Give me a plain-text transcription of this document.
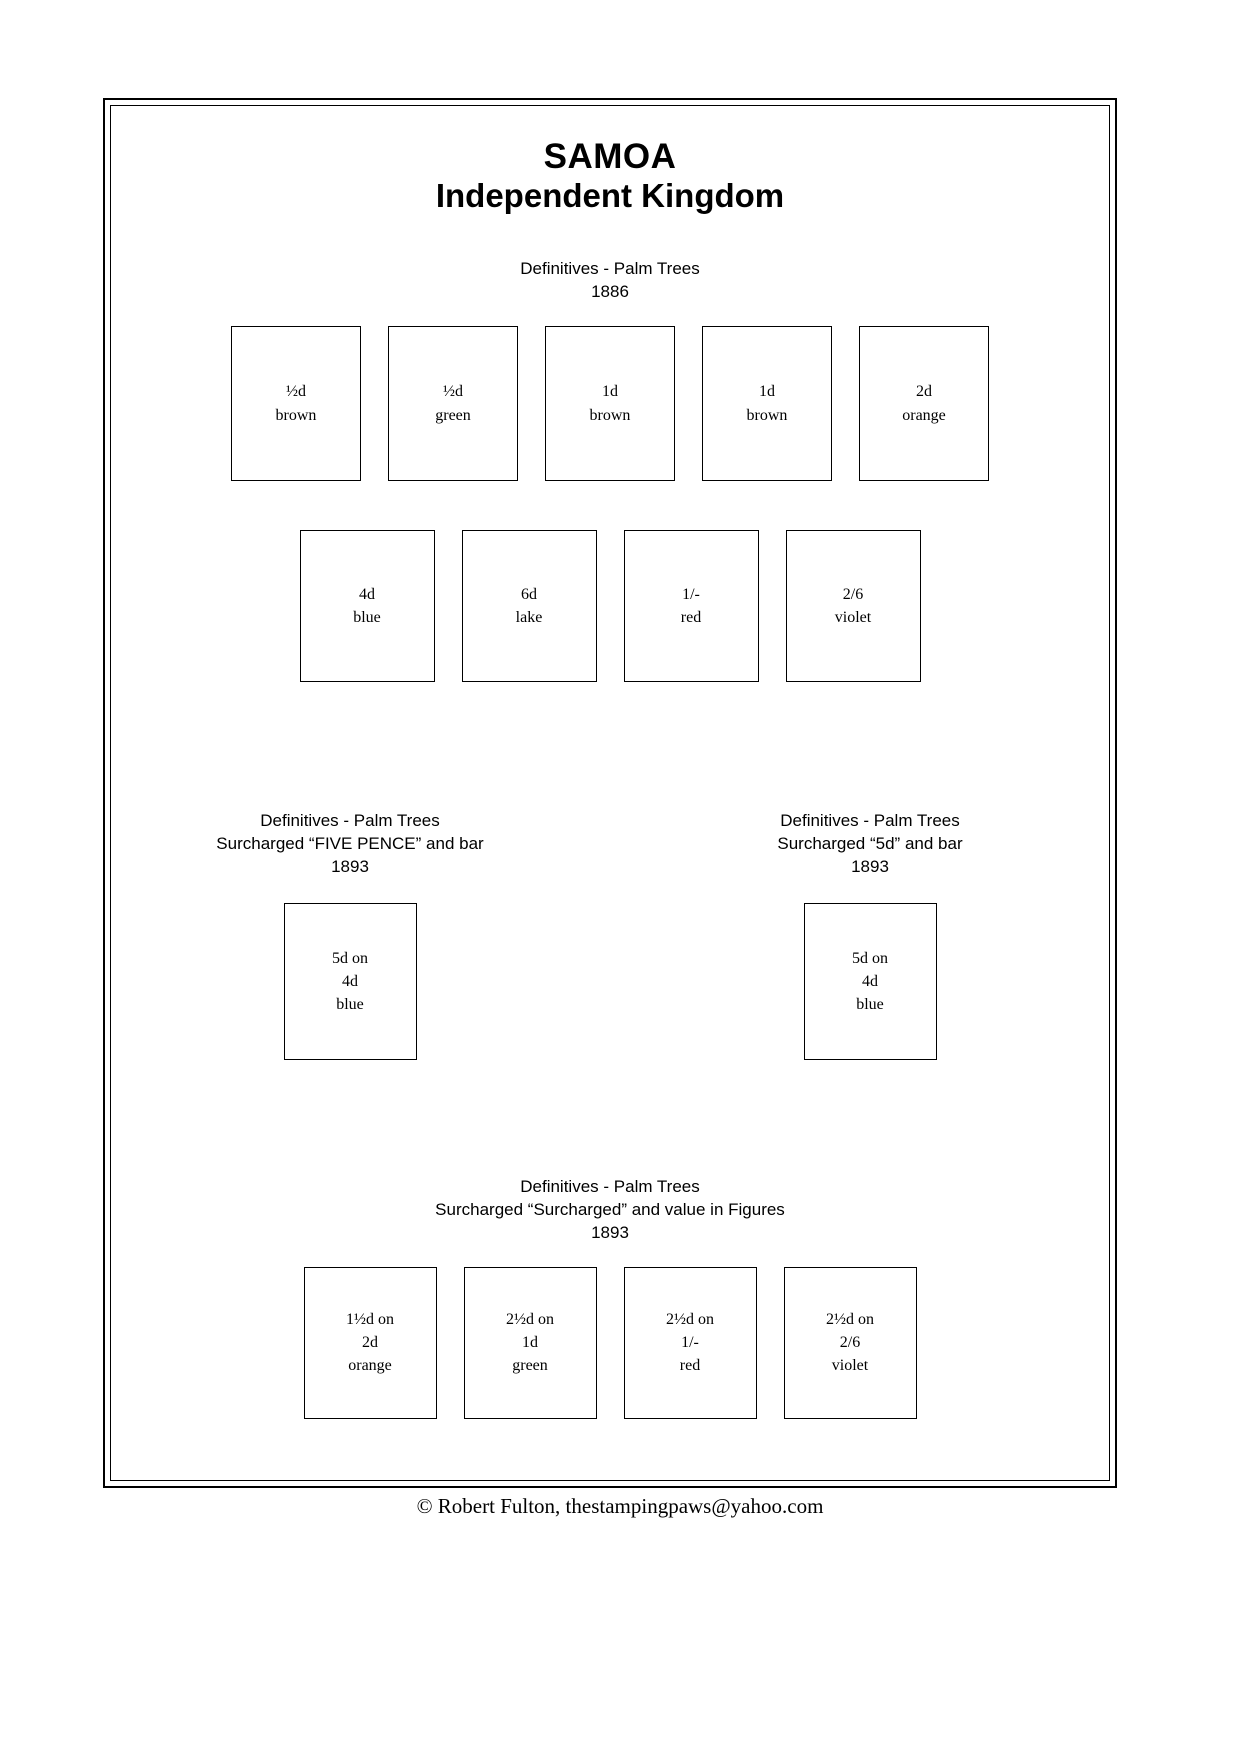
SAMOA
Independent Kingdom
Definitives - Palm Trees
1886
½d
brown
½d
green
1d
brown
1d
brown
2d
orange
4d
blue
6d
lake
1/-
red
2/6
violet
Definitives - Palm Trees
Surcharged “FIVE PENCE” and bar
1893
5d on
4d
blue
Definitives - Palm Trees
Surcharged “5d” and bar
1893
5d on
4d
blue
Definitives - Palm Trees
Surcharged “Surcharged” and value in Figures
1893
1½d on
2d
orange
2½d on
1d
green
2½d on
1/-
red
2½d on
2/6
violet
© Robert Fulton, thestampingpaws@yahoo.com
